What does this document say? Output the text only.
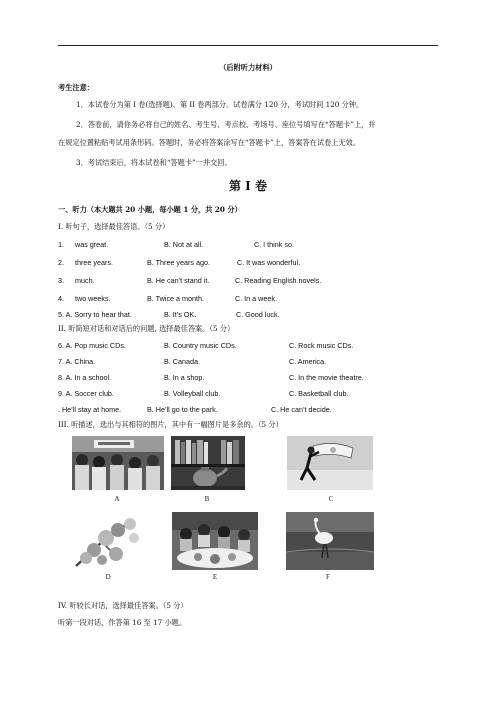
（后附听力材料）
考生注意：
1．本试卷分为第 I 卷(选择题)、第 II 卷两部分。试卷满分 120 分，考试时间 120 分钟。
2．答卷前，请你务必将自己的姓名、考生号、考点校、考场号、座位号填写在“答题卡”上，并
在规定位置粘贴考试用条形码。答题时，务必将答案涂写在“答题卡”上，答案答在试卷上无效。
3．考试结束后，将本试卷和“答题卡”一并交回。
第 I 卷
一、听力（本大题共 20 小题，每小题 1 分，共 20 分）
I. 听句子，选择最佳答语。（5 分）
1. was great.	B. Not at all.	C. I think so.
2. three years.	B. Three years ago.	C. It was wonderful.
3. much.	B. He can’t stand it.	C. Reading English novels.
4. two weeks.	B. Twice a month.	C. In a week.
5. A. Sorry to hear that.	B. It’s OK.	C. Good luck.
II. 听简短对话和对话后的问题, 选择最佳答案。（5 分）
6. A. Pop music CDs.	B. Country music CDs.	C. Rock music CDs.
7. A. China.	B. Canada.	C. America.
8. A. In a school.	B. In a shop.	C. In the movie theatre.
9. A. Soccer club.	B. Volleyball club.	C. Basketball club.
. He’ll stay at home.	B. He’ll go to the park.	C. He can’t decide.
III. 听描述，选出与其相符的图片，其中有一幅图片是多余的。（5 分）
A	B	C
D	E	F
IV. 听较长对话，选择最佳答案。（5 分）
听第一段对话，作答第 16 至 17 小题。
